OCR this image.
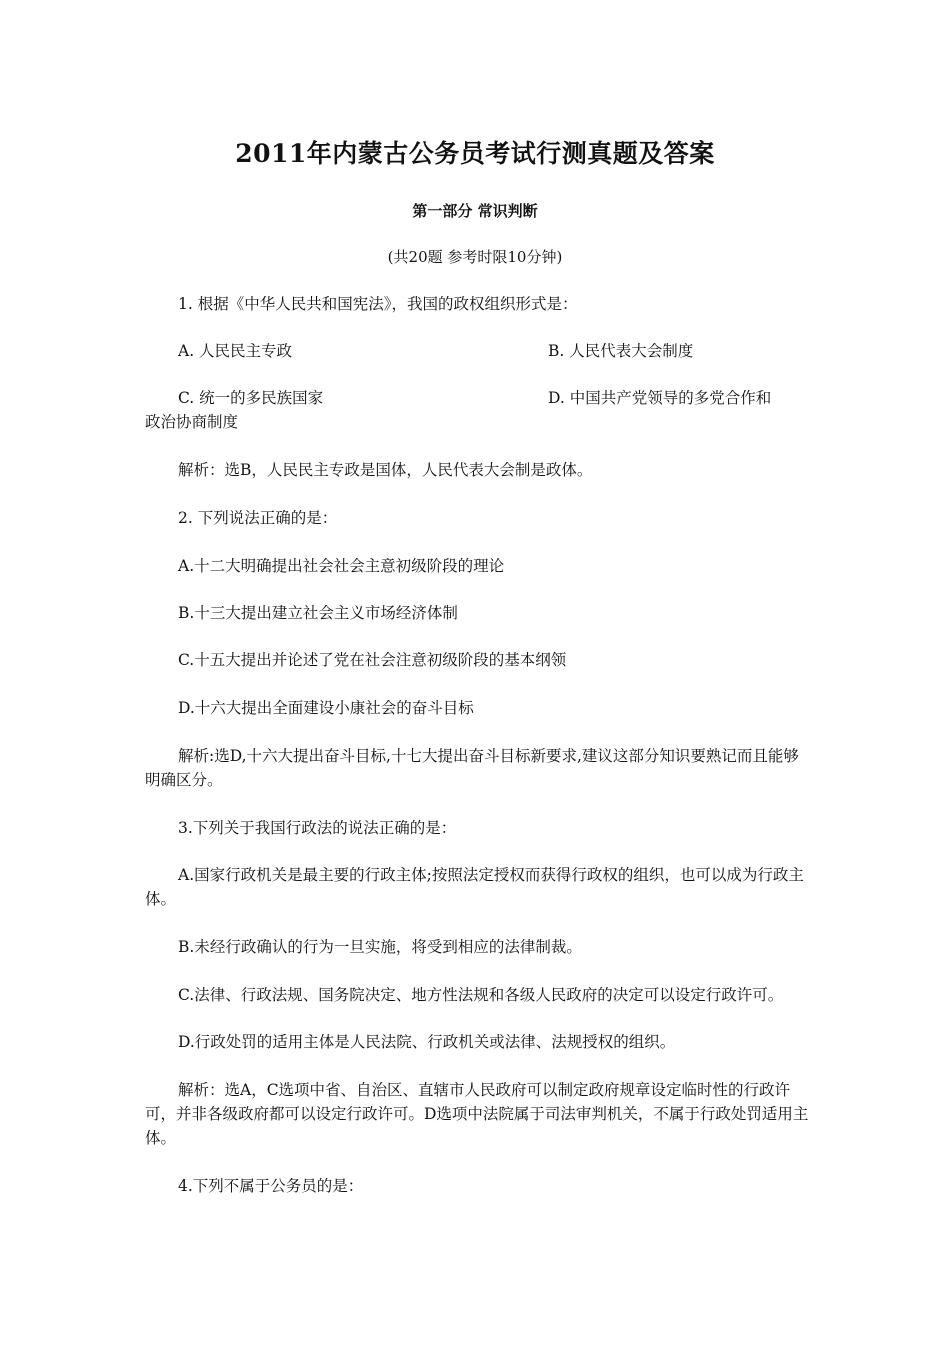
2011年内蒙古公务员考试行测真题及答案
第一部分 常识判断
(共20题 参考时限10分钟)
1. 根据《中华人民共和国宪法》，我国的政权组织形式是：
A. 人民民主专政	B. 人民代表大会制度
C. 统一的多民族国家	D. 中国共产党领导的多党合作和
政治协商制度
解析：选B，人民民主专政是国体，人民代表大会制是政体。
2. 下列说法正确的是：
A.十二大明确提出社会社会主意初级阶段的理论
B.十三大提出建立社会主义市场经济体制
C.十五大提出并论述了党在社会注意初级阶段的基本纲领
D.十六大提出全面建设小康社会的奋斗目标
解析:选D,十六大提出奋斗目标,十七大提出奋斗目标新要求,建议这部分知识要熟记而且能够明确区分。
3.下列关于我国行政法的说法正确的是：
A.国家行政机关是最主要的行政主体;按照法定授权而获得行政权的组织，也可以成为行政主体。
B.未经行政确认的行为一旦实施，将受到相应的法律制裁。
C.法律、行政法规、国务院决定、地方性法规和各级人民政府的决定可以设定行政许可。
D.行政处罚的适用主体是人民法院、行政机关或法律、法规授权的组织。
解析：选A，C选项中省、自治区、直辖市人民政府可以制定政府规章设定临时性的行政许可，并非各级政府都可以设定行政许可。D选项中法院属于司法审判机关，不属于行政处罚适用主体。
4.下列不属于公务员的是：
